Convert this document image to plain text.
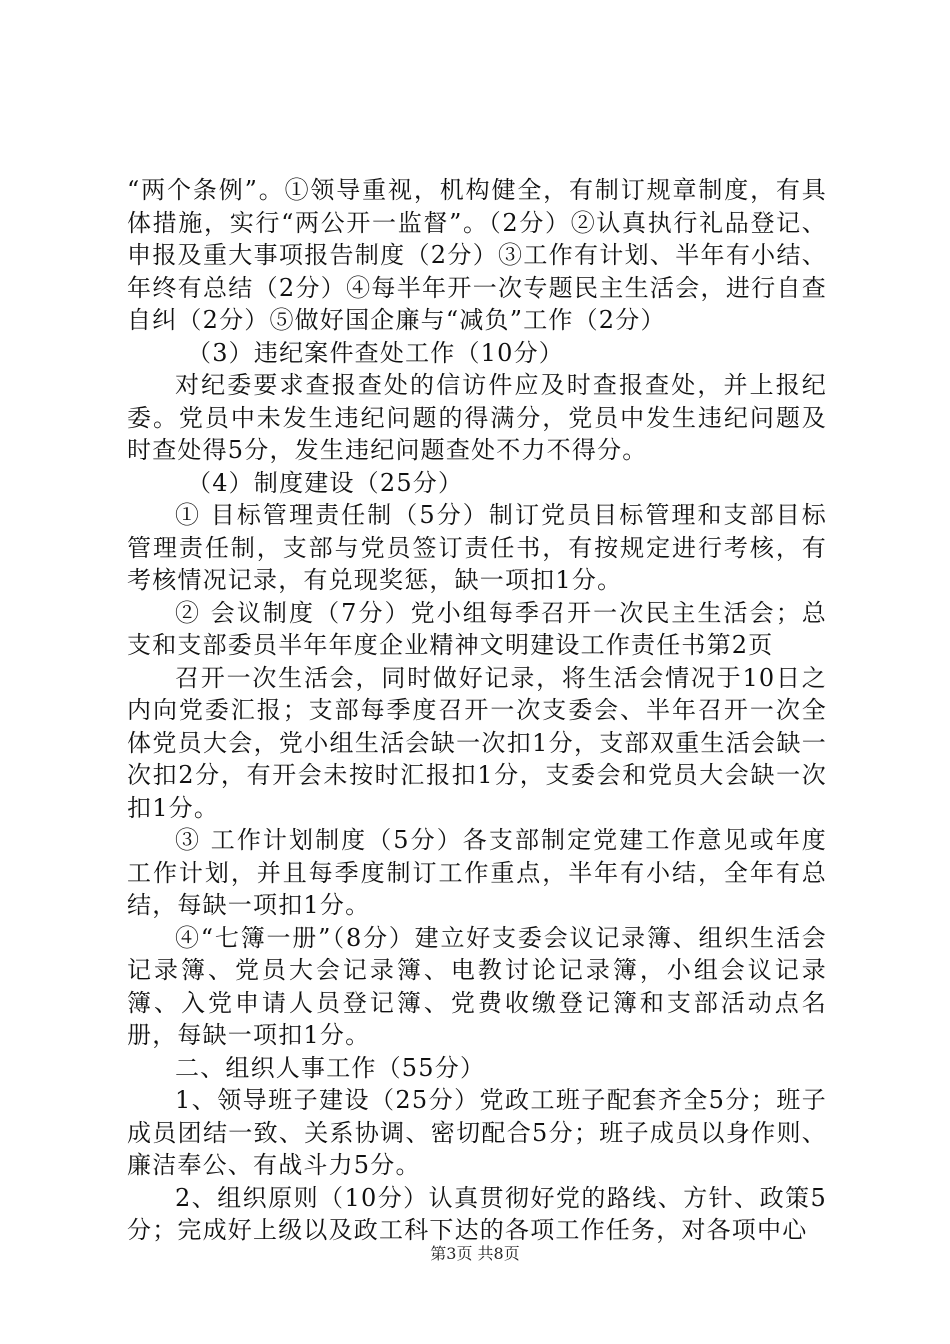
“两个条例”。①领导重视，机构健全，有制订规章制度，有具体措施，实行“两公开一监督”。（2分）②认真执行礼品登记、申报及重大事项报告制度（2分）③工作有计划、半年有小结、年终有总结（2分）④每半年开一次专题民主生活会，进行自查自纠（2分）⑤做好国企廉与“减负”工作（2分）

（3）违纪案件查处工作（10分）

对纪委要求查报查处的信访件应及时查报查处，并上报纪委。党员中未发生违纪问题的得满分，党员中发生违纪问题及时查处得5分，发生违纪问题查处不力不得分。

（4）制度建设（25分）

① 目标管理责任制（5分）制订党员目标管理和支部目标管理责任制，支部与党员签订责任书，有按规定进行考核，有考核情况记录，有兑现奖惩，缺一项扣1分。

② 会议制度（7分）党小组每季召开一次民主生活会；总支和支部委员半年年度企业精神文明建设工作责任书第2页

召开一次生活会，同时做好记录，将生活会情况于10日之内向党委汇报；支部每季度召开一次支委会、半年召开一次全体党员大会，党小组生活会缺一次扣1分，支部双重生活会缺一次扣2分，有开会未按时汇报扣1分，支委会和党员大会缺一次扣1分。

③ 工作计划制度（5分）各支部制定党建工作意见或年度工作计划，并且每季度制订工作重点，半年有小结，全年有总结，每缺一项扣1分。

④“七簿一册”（8分）建立好支委会议记录簿、组织生活会记录簿、党员大会记录簿、电教讨论记录簿，小组会议记录簿、入党申请人员登记簿、党费收缴登记簿和支部活动点名册，每缺一项扣1分。

二、组织人事工作（55分）

1、领导班子建设（25分）党政工班子配套齐全5分；班子成员团结一致、关系协调、密切配合5分；班子成员以身作则、廉洁奉公、有战斗力5分。

2、组织原则（10分）认真贯彻好党的路线、方针、政策5分；完成好上级以及政工科下达的各项工作任务，对各项中心

第3页 共8页
